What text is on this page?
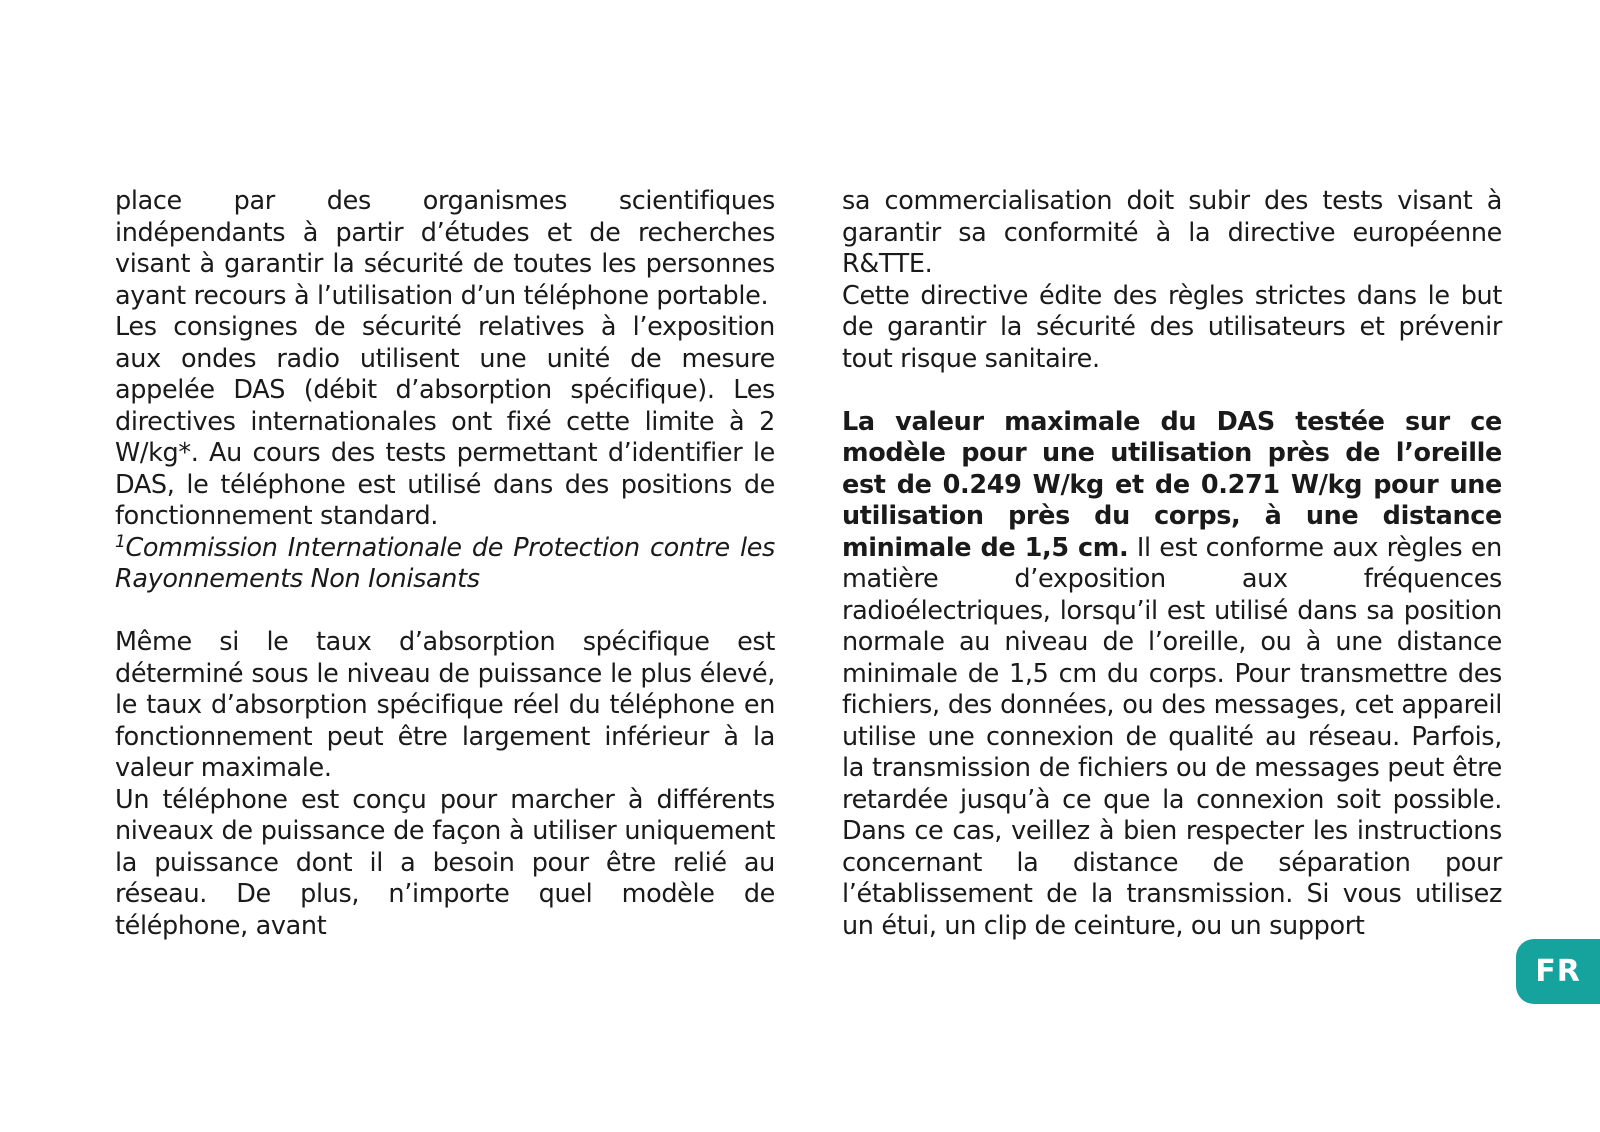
place par des organismes scientifiques indépendants à partir d’études et de recherches visant à garantir la sécurité de toutes les personnes ayant recours à l’utilisation d’un téléphone portable.

Les consignes de sécurité relatives à l’exposition aux ondes radio utilisent une unité de mesure appelée DAS (débit d’absorption spécifique). Les directives internationales ont fixé cette limite à 2 W/kg*. Au cours des tests permettant d’identifier le DAS, le téléphone est utilisé dans des positions de fonctionnement standard.

$^1$Commission Internationale de Protection contre les Rayonnements Non Ionisants

Même si le taux d’absorption spécifique est déterminé sous le niveau de puissance le plus élevé, le taux d’absorption spécifique réel du téléphone en fonctionnement peut être largement inférieur à la valeur maximale.

Un téléphone est conçu pour marcher à différents niveaux de puissance de façon à utiliser uniquement la puissance dont il a besoin pour être relié au réseau. De plus, n’importe quel modèle de téléphone, avant

sa commercialisation doit subir des tests visant à garantir sa conformité à la directive européenne R&TTE.

Cette directive édite des règles strictes dans le but de garantir la sécurité des utilisateurs et prévenir tout risque sanitaire.

La valeur maximale du DAS testée sur ce modèle pour une utilisation près de l’oreille est de 0.249 W/kg et de 0.271 W/kg pour une utilisation près du corps, à une distance minimale de 1,5 cm. Il est conforme aux règles en matière d’exposition aux fréquences radioélectriques, lorsqu’il est utilisé dans sa position normale au niveau de l’oreille, ou à une distance minimale de 1,5 cm du corps. Pour transmettre des fichiers, des données, ou des messages, cet appareil utilise une connexion de qualité au réseau. Parfois, la transmission de fichiers ou de messages peut être retardée jusqu’à ce que la connexion soit possible. Dans ce cas, veillez à bien respecter les instructions concernant la distance de séparation pour l’établissement de la transmission. Si vous utilisez un étui, un clip de ceinture, ou un support

FR
